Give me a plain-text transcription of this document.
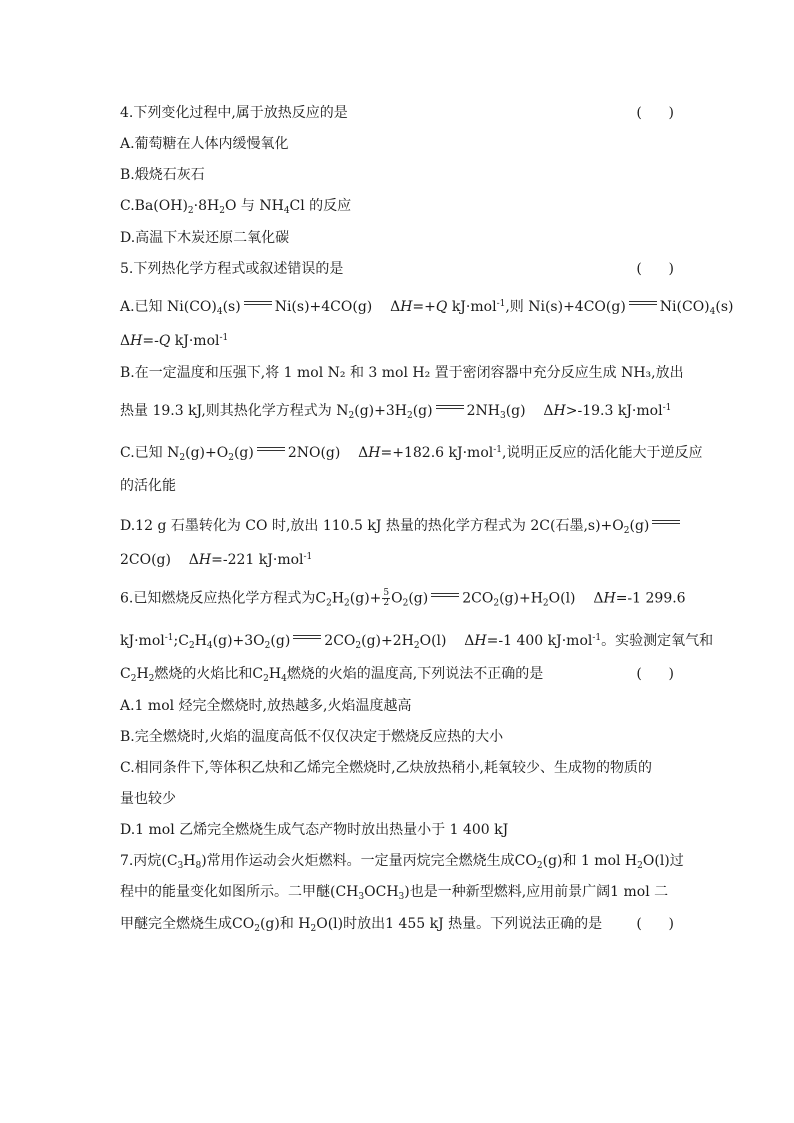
4.下列变化过程中,属于放热反应的是	(      )
A.葡萄糖在人体内缓慢氧化
B.煅烧石灰石
$C.Ba(OH)_2\cdot 8H_2O$ 与 $NH_4Cl$ 的反应
D.高温下木炭还原二氧化碳
5.下列热化学方程式或叙述错误的是	(      )
A.已知 $Ni(CO)_4(s)$ Ni(s)+4CO(g) ΔH=+Q kJ·mol$^{-1}$,则 Ni(s)+4CO(g) $Ni(CO)_4(s)$
ΔH=-Q kJ·mol$^{-1}$
B.在一定温度和压强下,将 1 mol N₂ 和 3 mol H₂ 置于密闭容器中充分反应生成 NH₃,放出
热量 19.3 kJ,则其热化学方程式为 $N_2(g)+3H_2(g)$ $2NH_3(g)$ ΔH>-19.3 kJ·mol$^{-1}$
C.已知 $N_2(g)+O_2(g)$ 2NO(g) ΔH=+182.6 kJ·mol$^{-1}$,说明正反应的活化能大于逆反应
的活化能
D.12 g 石墨转化为 CO 时,放出 110.5 kJ 热量的热化学方程式为 2C(石墨$,s)+O_2(g)$
2CO(g) ΔH=-221 kJ·mol$^{-1}$
6.已知燃烧反应热化学方程式为$C_2H_2(g)+ \frac{5}{2} O_2(g)$ $2CO_2(g)+H_2O(l)$ ΔH=-1 299.6
$kJ\cdot mol^{-1};C_2H_4(g)+3O_2(g)$ $2CO_2(g)+2H_2O(l)$ ΔH=-1 400 kJ·mol$^{-1}$。实验测定氧气和
$C_2H_2$燃烧的火焰比和$C_2H_4$燃烧的火焰的温度高,下列说法不正确的是	(      )
A.1 mol 烃完全燃烧时,放热越多,火焰温度越高
B.完全燃烧时,火焰的温度高低不仅仅决定于燃烧反应热的大小
C.相同条件下,等体积乙炔和乙烯完全燃烧时,乙炔放热稍小,耗氧较少、生成物的物质的
量也较少
D.1 mol 乙烯完全燃烧生成气态产物时放出热量小于 1 400 kJ
7.丙烷$(C_3H_8)$常用作运动会火炬燃料。一定量丙烷完全燃烧生成$CO_2(g)$和 1 mol $H_2O(l)$过
程中的能量变化如图所示。二甲醚$(CH_3OCH_3)$也是一种新型燃料,应用前景广阔1 mol 二
甲醚完全燃烧生成$CO_2(g)$和 $H_2O(l)$时放出1 455 kJ 热量。下列说法正确的是	(      )
